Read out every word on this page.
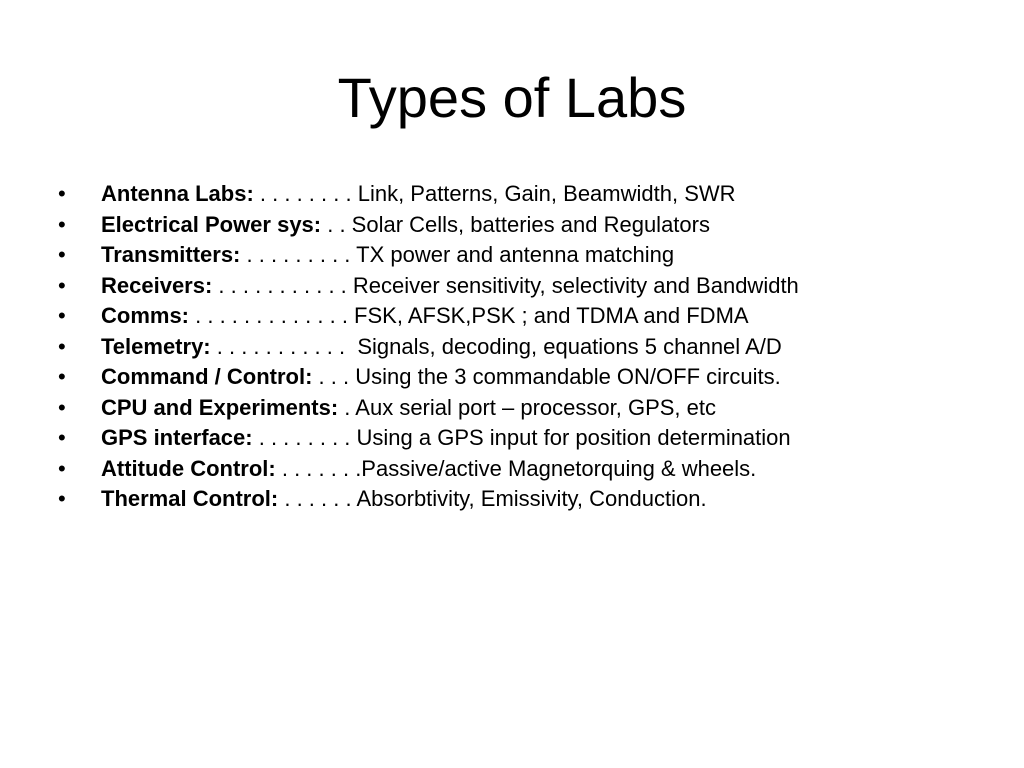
Types of Labs
• Antenna Labs: . . . . . . . . Link, Patterns, Gain, Beamwidth, SWR
• Electrical Power sys: . . Solar Cells, batteries and Regulators
• Transmitters: . . . . . . . . . TX power and antenna matching
• Receivers: . . . . . . . . . . . Receiver sensitivity, selectivity and Bandwidth
• Comms: . . . . . . . . . . . . . FSK, AFSK,PSK ; and TDMA and FDMA
• Telemetry: . . . . . . . . . . .  Signals, decoding, equations 5 channel A/D
• Command / Control: . . . Using the 3 commandable ON/OFF circuits.
• CPU and Experiments: . Aux serial port – processor, GPS, etc
• GPS interface: . . . . . . . . Using a GPS input for position determination
• Attitude Control: . . . . . . .Passive/active Magnetorquing & wheels.
• Thermal Control: . . . . . . Absorbtivity, Emissivity, Conduction.
